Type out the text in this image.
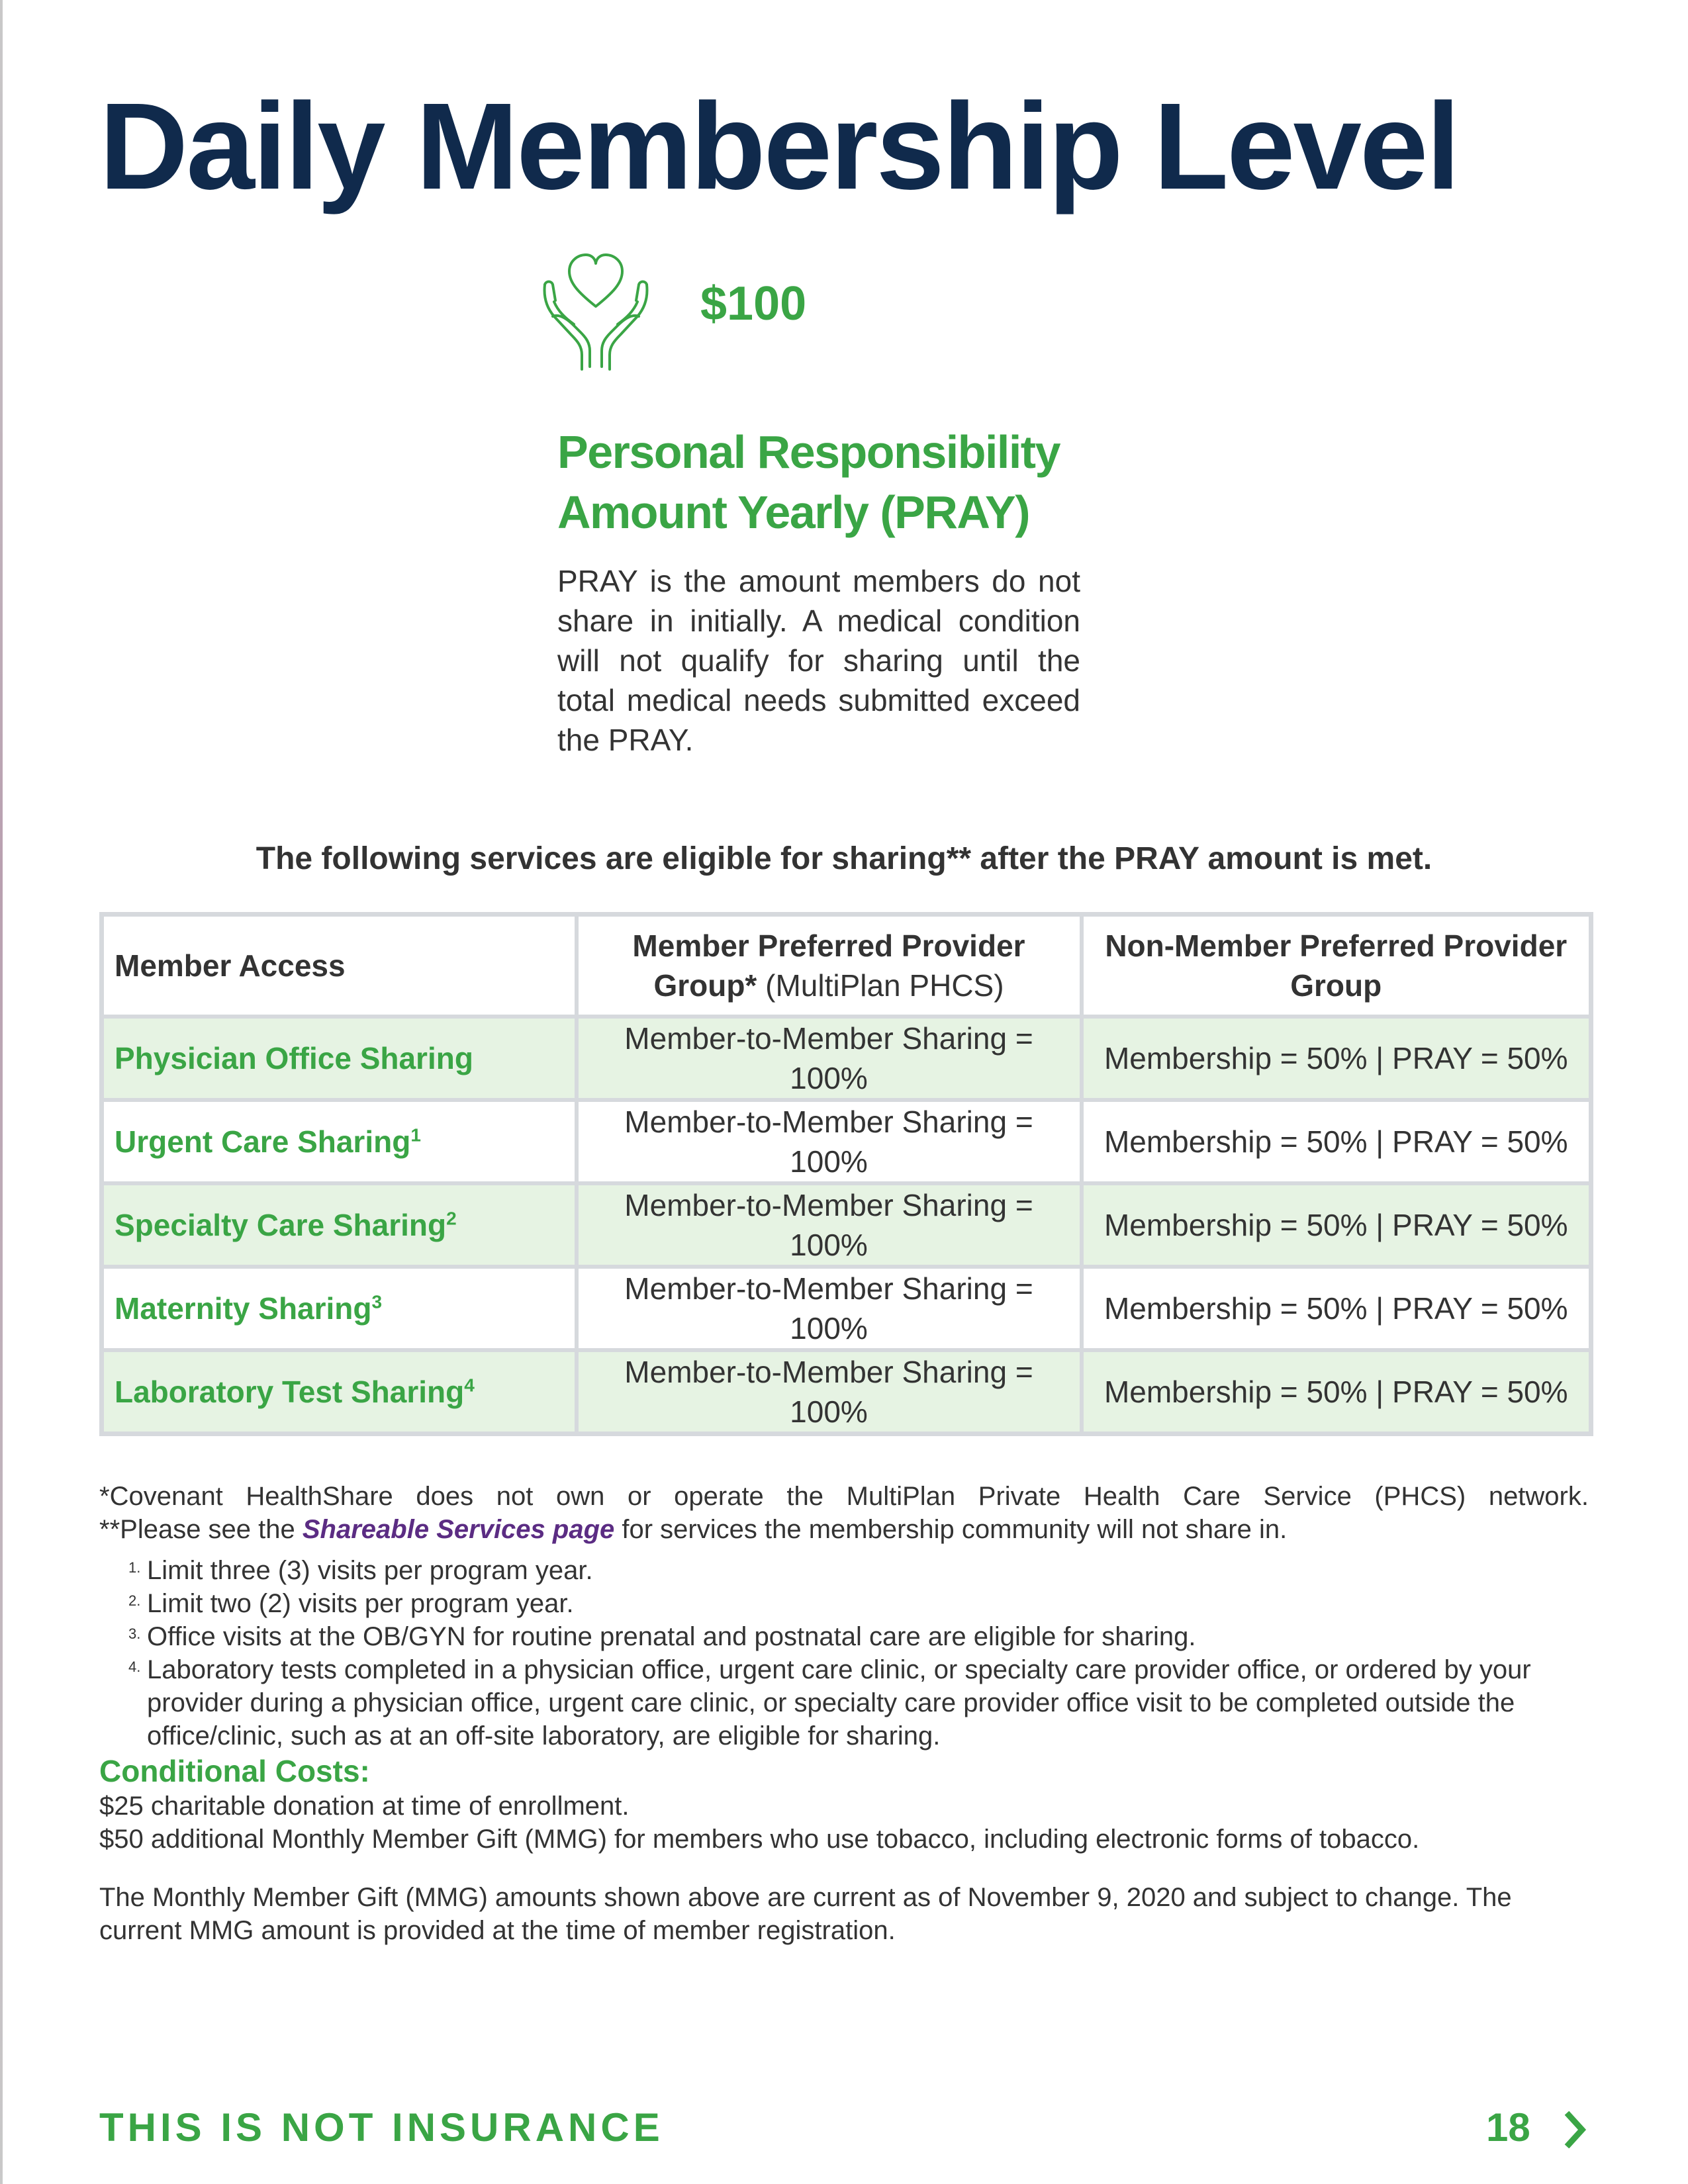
Daily Membership Level
$100
Personal Responsibility
Amount Yearly (PRAY)

PRAY is the amount members do not share in initially. A medical condition will not qualify for sharing until the total medical needs submitted exceed the PRAY.

The following services are eligible for sharing** after the PRAY amount is met.
Member Access	Member Preferred Provider Group* (MultiPlan PHCS)	Non-Member Preferred Provider Group
Physician Office Sharing	Member-to-Member Sharing = 100%	Membership = 50% | PRAY = 50%
Urgent Care Sharing$^1$	Member-to-Member Sharing = 100%	Membership = 50% | PRAY = 50%
Specialty Care Sharing$^2$	Member-to-Member Sharing = 100%	Membership = 50% | PRAY = 50%
Maternity Sharing$^3$	Member-to-Member Sharing = 100%	Membership = 50% | PRAY = 50%
Laboratory Test Sharing$^4$	Member-to-Member Sharing = 100%	Membership = 50% | PRAY = 50%

*Covenant HealthShare does not own or operate the MultiPlan Private Health Care Service (PHCS) network.

**Please see the Shareable Services page for services the membership community will not share in.

1. Limit three (3) visits per program year.
2. Limit two (2) visits per program year.
3. Office visits at the OB/GYN for routine prenatal and postnatal care are eligible for sharing.
4. Laboratory tests completed in a physician office, urgent care clinic, or specialty care provider office, or ordered by your provider during a physician office, urgent care clinic, or specialty care provider office visit to be completed outside the office/clinic, such as at an off-site laboratory, are eligible for sharing.

Conditional Costs:

$25 charitable donation at time of enrollment.

$50 additional Monthly Member Gift (MMG) for members who use tobacco, including electronic forms of tobacco.

The Monthly Member Gift (MMG) amounts shown above are current as of November 9, 2020 and subject to change. The current MMG amount is provided at the time of member registration.

THIS IS NOT INSURANCE	18
